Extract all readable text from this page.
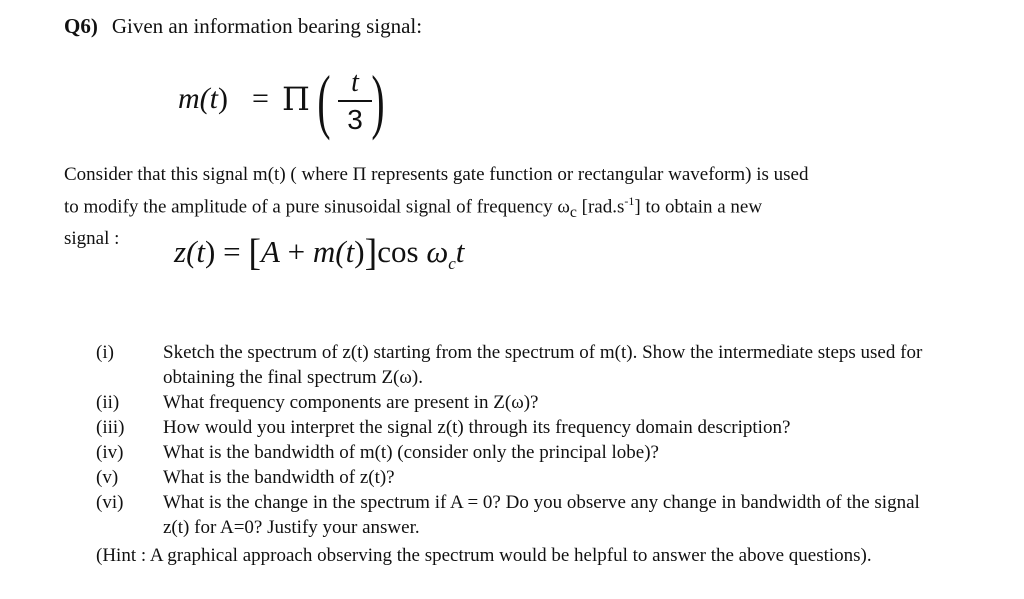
Q6) Given an information bearing signal:
m(t) = Π ( t
3 )
Consider that this signal m(t) ( where Π represents gate function or rectangular waveform) is used
to modify the amplitude of a pure sinusoidal signal of frequency $\omega_c$ $[rad.s^{-1}]$ to obtain a new
signal :	z(t) = [A + m(t)]cos $\omega_ct$
(i)	Sketch the spectrum of z(t) starting from the spectrum of m(t). Show the intermediate steps used for obtaining the final spectrum Z(ω).
(ii)	What frequency components are present in Z(ω)?
(iii)	How would you interpret the signal z(t) through its frequency domain description?
(iv)	What is the bandwidth of m(t) (consider only the principal lobe)?
(v)	What is the bandwidth of z(t)?
(vi)	What is the change in the spectrum if A = 0? Do you observe any change in bandwidth of the signal z(t) for A=0? Justify your answer.
(Hint : A graphical approach observing the spectrum would be helpful to answer the above questions).
